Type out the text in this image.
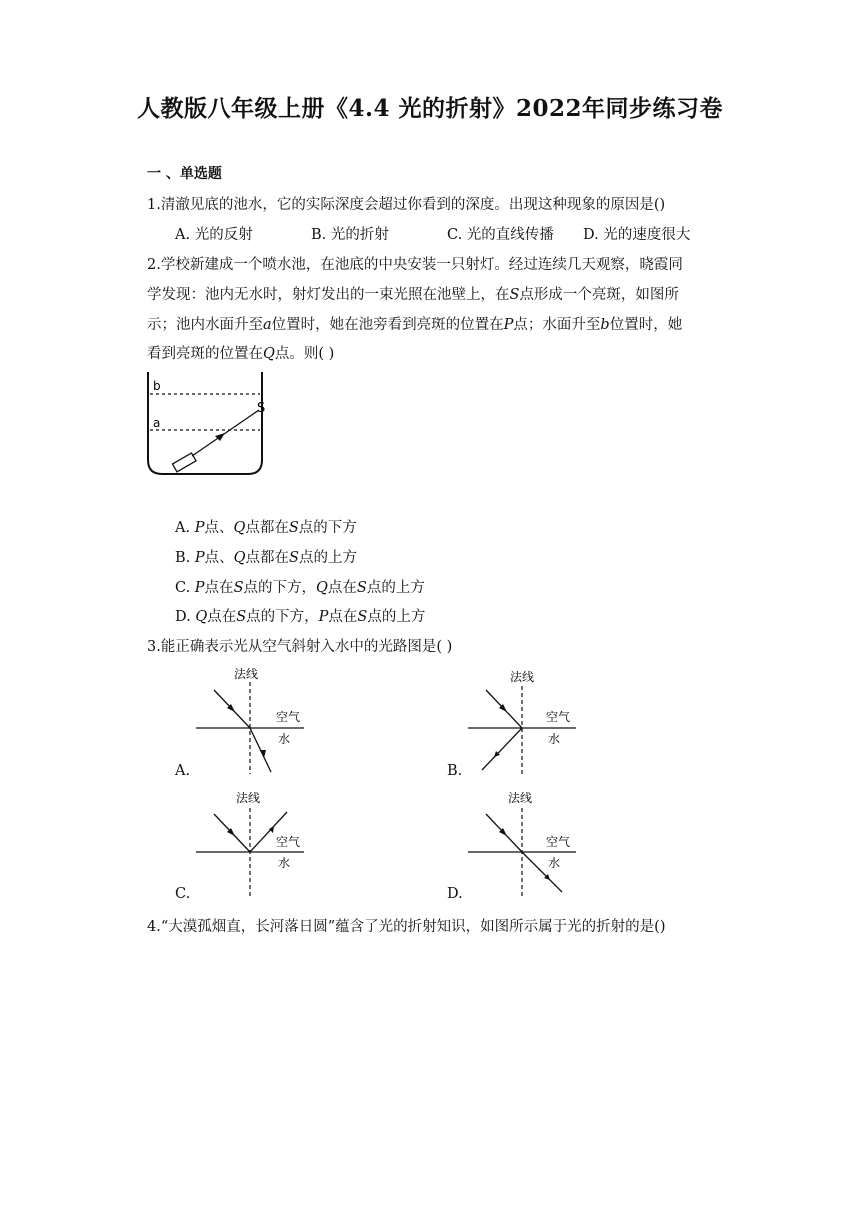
人教版八年级上册《4.4 光的折射》2022年同步练习卷
一 、单选题
1.清澈见底的池水，它的实际深度会超过你看到的深度。出现这种现象的原因是()
A. 光的反射	B. 光的折射	C. 光的直线传播 D. 光的速度很大
2.学校新建成一个喷水池，在池底的中央安装一只射灯。经过连续几天观察，晓霞同
学发现：池内无水时，射灯发出的一束光照在池壁上，在S点形成一个亮斑，如图所
示；池内水面升至a位置时，她在池旁看到亮斑的位置在P点；水面升至b位置时，她
看到亮斑的位置在Q点。则( )
b
a
S
A. P点、Q点都在S点的下方
B. P点、Q点都在S点的上方
C. P点在S点的下方，Q点在S点的上方
D. Q点在S点的下方，P点在S点的上方
3.能正确表示光从空气斜射入水中的光路图是( )
法线
空气
水
A.
法线
空气
水
B.
法线
空气
水
C.
法线
空气
水
D.
4.“大漠孤烟直，长河落日圆”蕴含了光的折射知识，如图所示属于光的折射的是()
